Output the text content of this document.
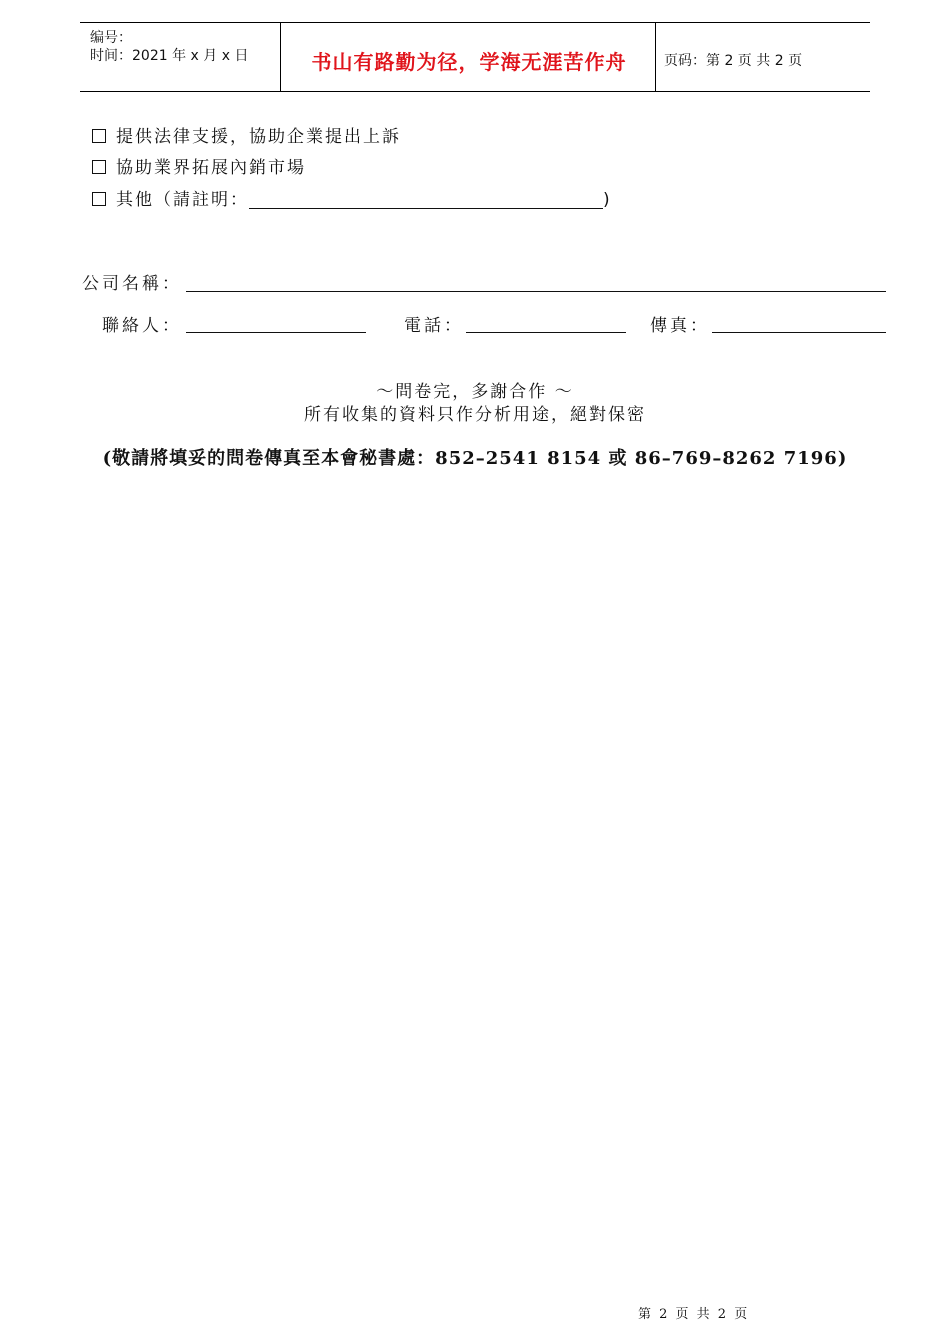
编号：
时间：2021 年 x 月 x 日	书山有路勤为径，学海无涯苦作舟	页码：第 2 页 共 2 页
提供法律支援，協助企業提出上訴
協助業界拓展內銷市場
其他（請註明：	)
公司名稱：
聯絡人：	電話：	傳真：
～問卷完，多謝合作 ～
所有收集的資料只作分析用途，絕對保密
(敬請將填妥的問卷傳真至本會秘書處：852–2541 8154 或 86–769–8262 7196)
第 2 页 共 2 页
